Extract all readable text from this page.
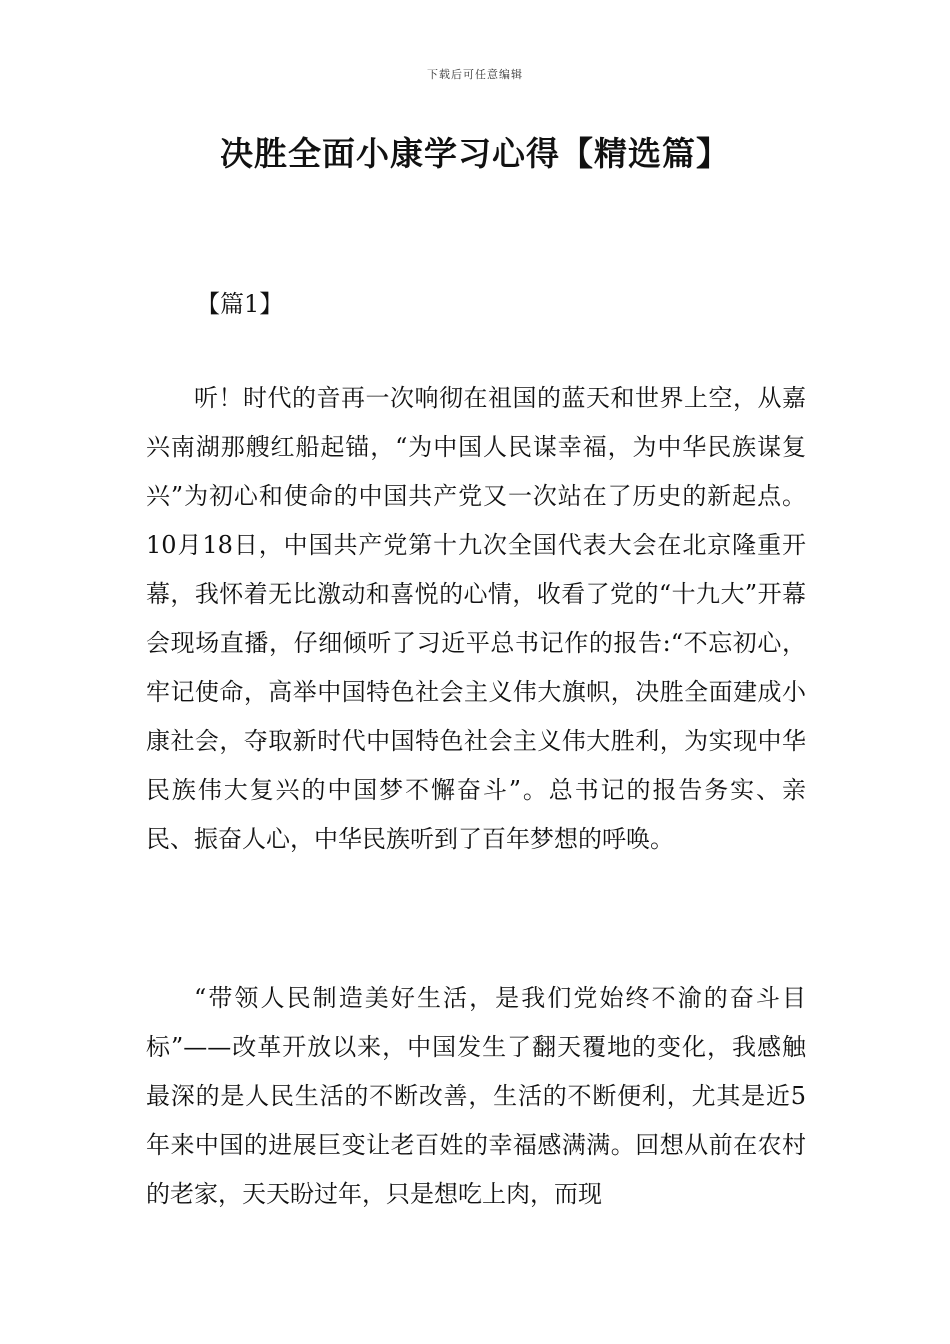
下载后可任意编辑
决胜全面小康学习心得【精选篇】
【篇1】

听！时代的音再一次响彻在祖国的蓝天和世界上空，从嘉兴南湖那艘红船起锚，“为中国人民谋幸福，为中华民族谋复兴”为初心和使命的中国共产党又一次站在了历史的新起点。10月18日，中国共产党第十九次全国代表大会在北京隆重开幕，我怀着无比激动和喜悦的心情，收看了党的“十九大”开幕会现场直播，仔细倾听了习近平总书记作的报告:“不忘初心，牢记使命，高举中国特色社会主义伟大旗帜，决胜全面建成小康社会，夺取新时代中国特色社会主义伟大胜利，为实现中华民族伟大复兴的中国梦不懈奋斗”。总书记的报告务实、亲民、振奋人心，中华民族听到了百年梦想的呼唤。

“带领人民制造美好生活，是我们党始终不渝的奋斗目标”——改革开放以来，中国发生了翻天覆地的变化，我感触最深的是人民生活的不断改善，生活的不断便利，尤其是近5年来中国的进展巨变让老百姓的幸福感满满。回想从前在农村的老家，天天盼过年，只是想吃上肉，而现
